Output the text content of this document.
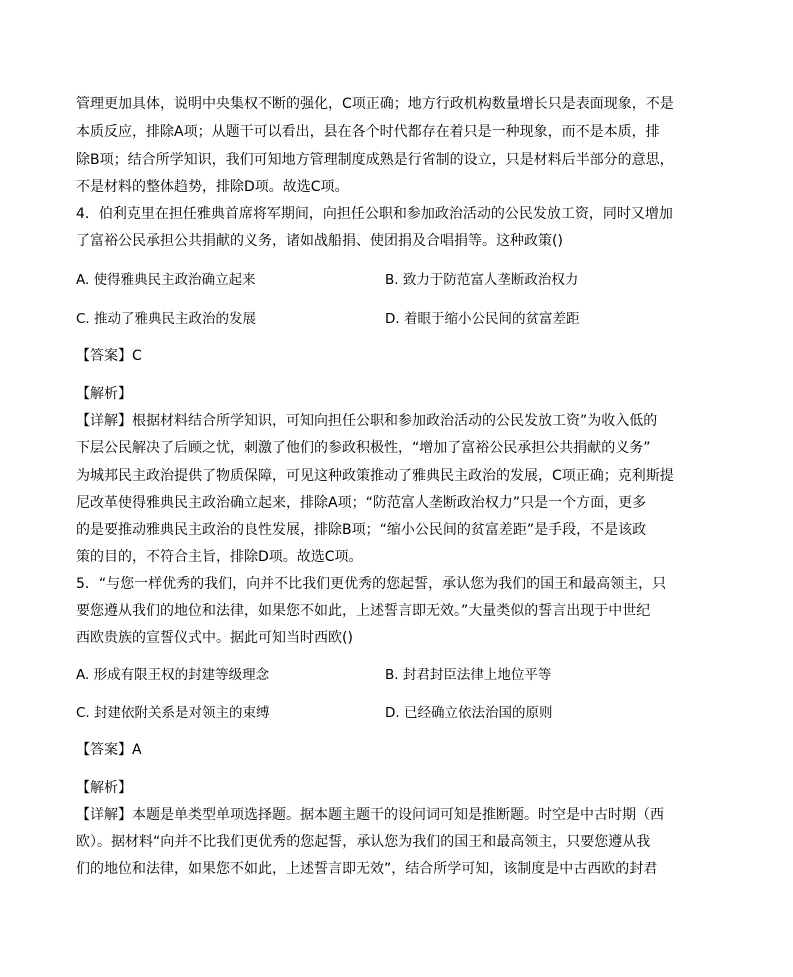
管理更加具体，说明中央集权不断的强化，C项正确；地方行政机构数量增长只是表面现象，不是

本质反应，排除A项；从题干可以看出，县在各个时代都存在着只是一种现象，而不是本质，排

除B项；结合所学知识，我们可知地方管理制度成熟是行省制的设立，只是材料后半部分的意思，

不是材料的整体趋势，排除D项。故选C项。

4．伯利克里在担任雅典首席将军期间，向担任公职和参加政治活动的公民发放工资，同时又增加

了富裕公民承担公共捐献的义务，诸如战船捐、使团捐及合唱捐等。这种政策()

A. 使得雅典民主政治确立起来	B. 致力于防范富人垄断政治权力

C. 推动了雅典民主政治的发展	D. 着眼于缩小公民间的贫富差距

【答案】C

【解析】

【详解】根据材料结合所学知识，可知向担任公职和参加政治活动的公民发放工资”为收入低的

下层公民解决了后顾之忧，刺激了他们的参政积极性，“增加了富裕公民承担公共捐献的义务”

为城邦民主政治提供了物质保障，可见这种政策推动了雅典民主政治的发展，C项正确；克利斯提

尼改革使得雅典民主政治确立起来，排除A项；“防范富人垄断政治权力”只是一个方面，更多

的是要推动雅典民主政治的良性发展，排除B项；“缩小公民间的贫富差距”是手段，不是该政

策的目的，不符合主旨，排除D项。故选C项。

5．“与您一样优秀的我们，向并不比我们更优秀的您起誓，承认您为我们的国王和最高领主，只

要您遵从我们的地位和法律，如果您不如此，上述誓言即无效。”大量类似的誓言出现于中世纪

西欧贵族的宣誓仪式中。据此可知当时西欧()

A. 形成有限王权的封建等级理念	B. 封君封臣法律上地位平等

C. 封建依附关系是对领主的束缚	D. 已经确立依法治国的原则

【答案】A

【解析】

【详解】本题是单类型单项选择题。据本题主题干的设问词可知是推断题。时空是中古时期（西

欧）。据材料“向并不比我们更优秀的您起誓，承认您为我们的国王和最高领主，只要您遵从我

们的地位和法律，如果您不如此，上述誓言即无效”，结合所学可知，该制度是中古西欧的封君
